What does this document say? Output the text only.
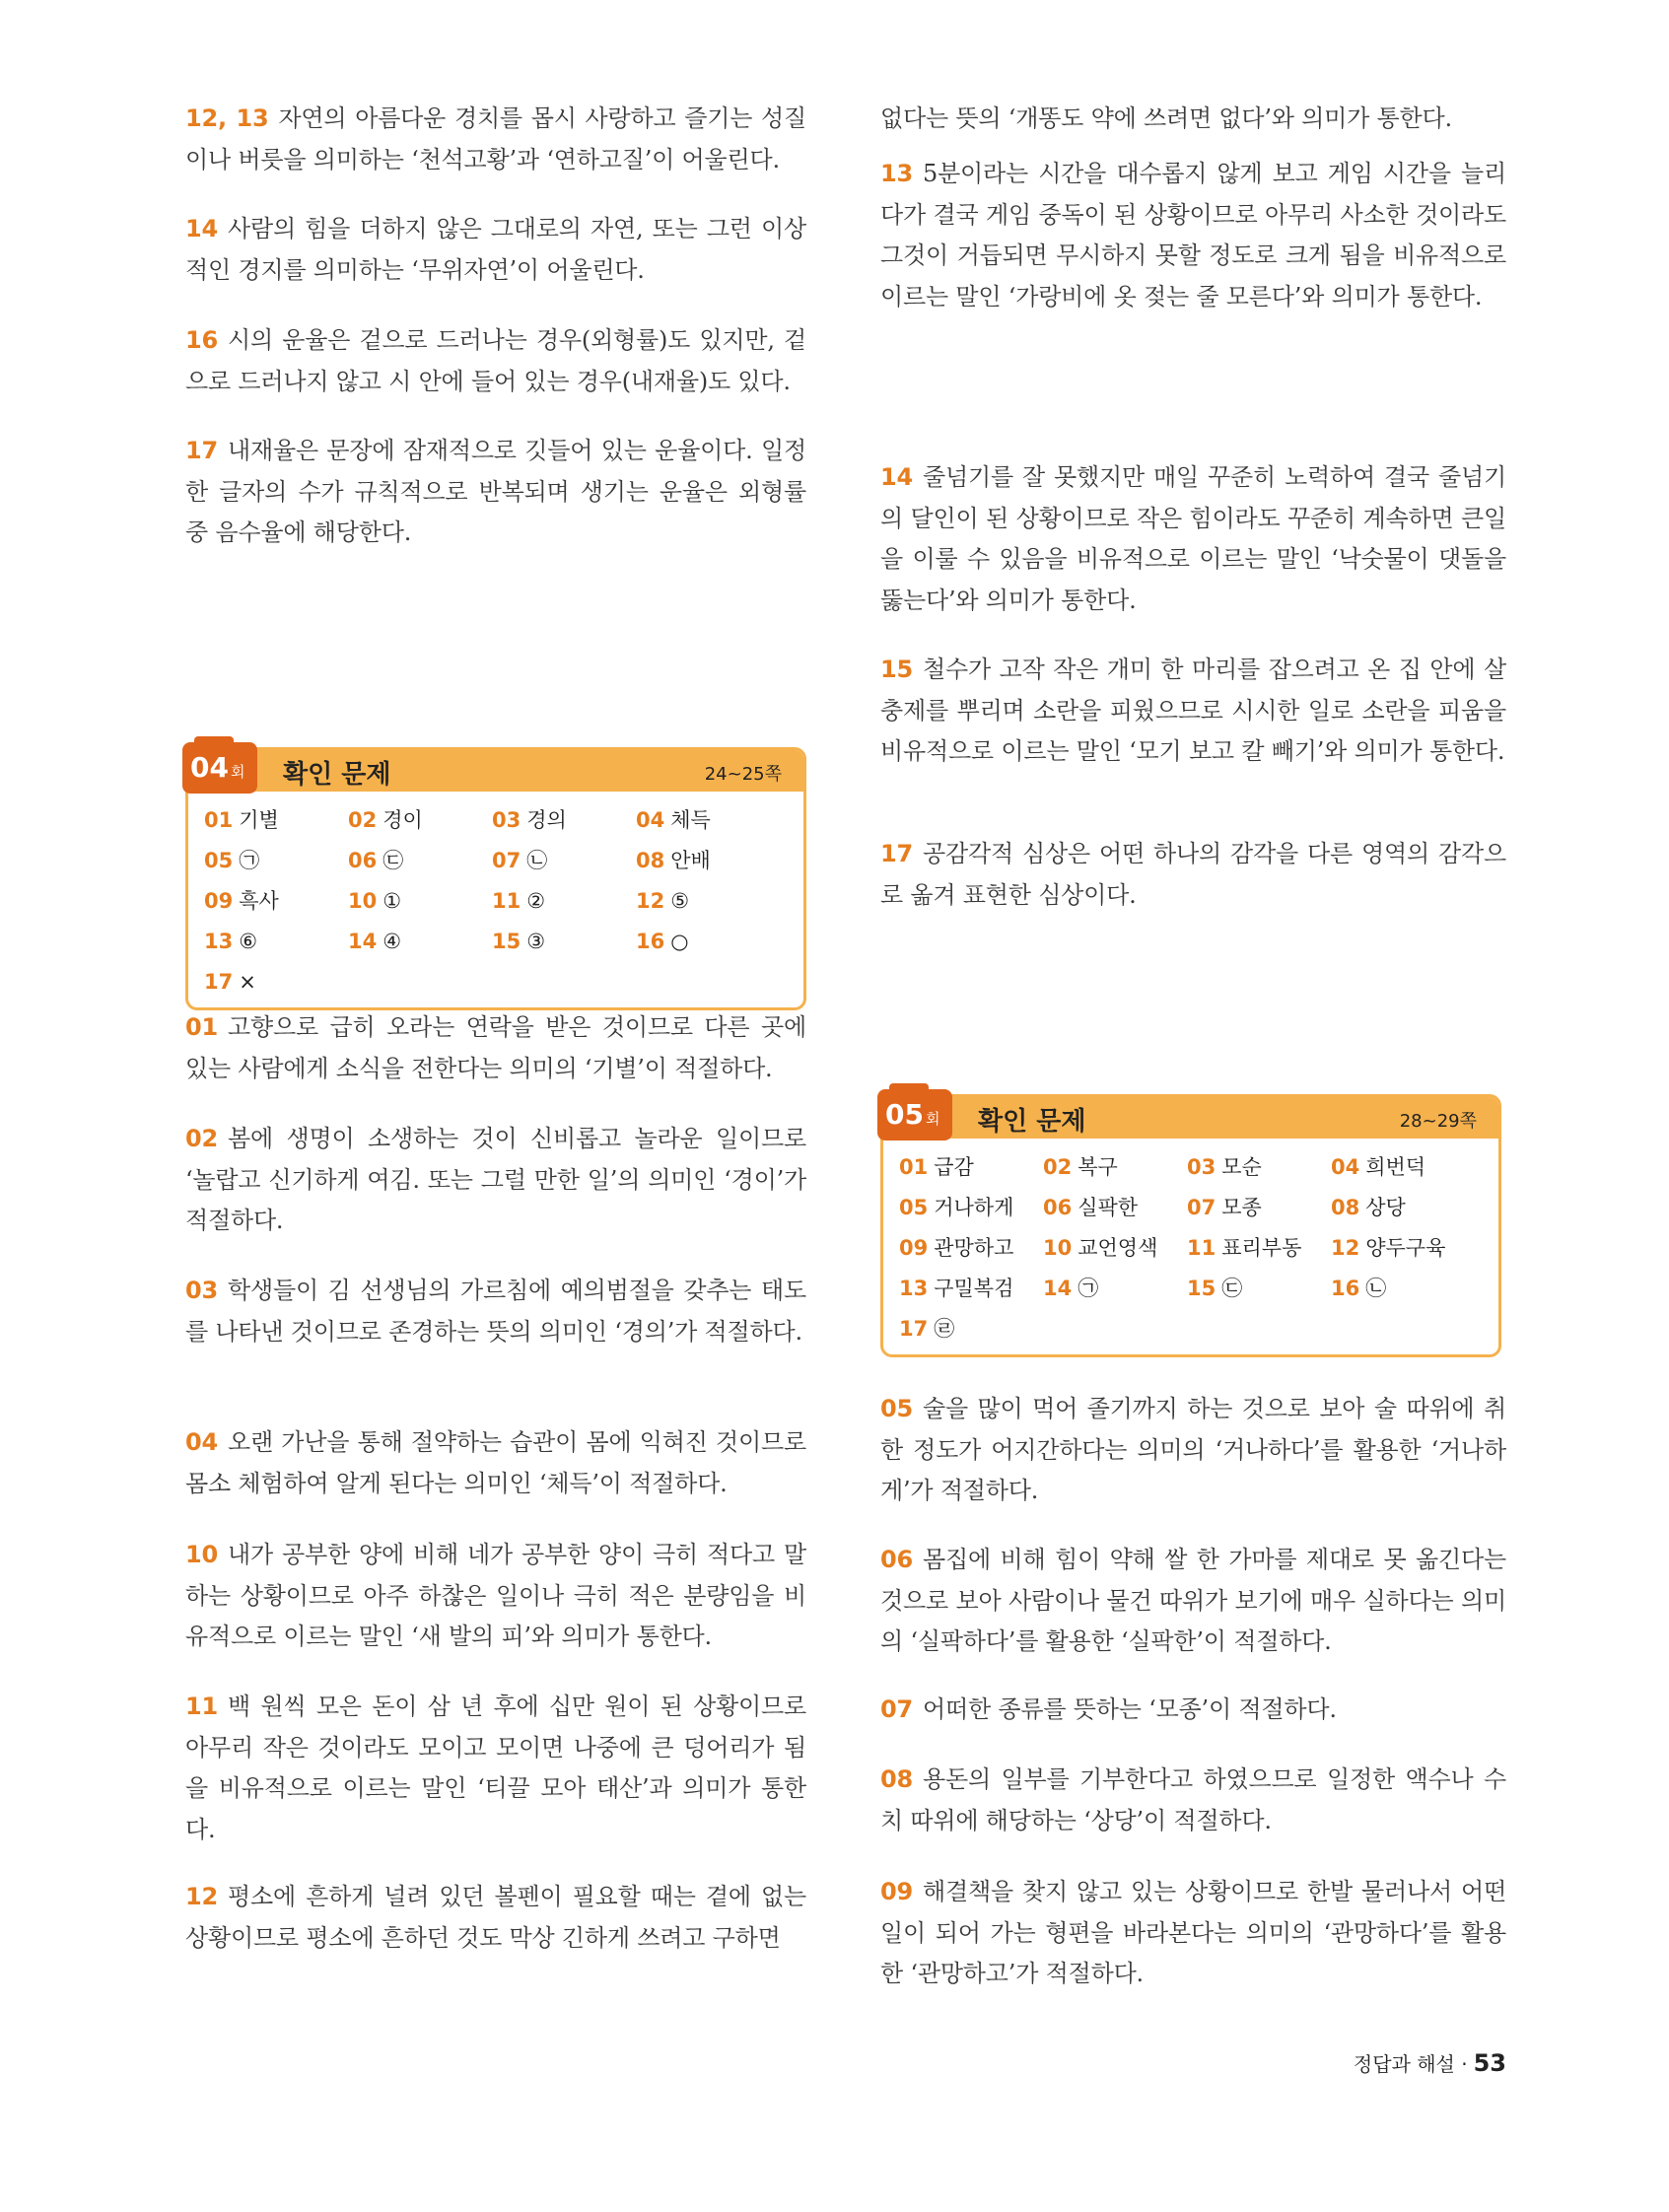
12, 13 자연의 아름다운 경치를 몹시 사랑하고 즐기는 성질이나 버릇을 의미하는 ‘천석고황’과 ‘연하고질’이 어울린다.
14 사람의 힘을 더하지 않은 그대로의 자연, 또는 그런 이상적인 경지를 의미하는 ‘무위자연’이 어울린다.
16 시의 운율은 겉으로 드러나는 경우(외형률)도 있지만, 겉으로 드러나지 않고 시 안에 들어 있는 경우(내재율)도 있다.
17 내재율은 문장에 잠재적으로 깃들어 있는 운율이다. 일정한 글자의 수가 규칙적으로 반복되며 생기는 운율은 외형률 중 음수율에 해당한다.
01 고향으로 급히 오라는 연락을 받은 것이므로 다른 곳에 있는 사람에게 소식을 전한다는 의미의 ‘기별’이 적절하다.
02 봄에 생명이 소생하는 것이 신비롭고 놀라운 일이므로 ‘놀랍고 신기하게 여김. 또는 그럴 만한 일’의 의미인 ‘경이’가 적절하다.
03 학생들이 김 선생님의 가르침에 예의범절을 갖추는 태도를 나타낸 것이므로 존경하는 뜻의 의미인 ‘경의’가 적절하다.
04 오랜 가난을 통해 절약하는 습관이 몸에 익혀진 것이므로 몸소 체험하여 알게 된다는 의미인 ‘체득’이 적절하다.
10 내가 공부한 양에 비해 네가 공부한 양이 극히 적다고 말하는 상황이므로 아주 하찮은 일이나 극히 적은 분량임을 비유적으로 이르는 말인 ‘새 발의 피’와 의미가 통한다.
11 백 원씩 모은 돈이 삼 년 후에 십만 원이 된 상황이므로 아무리 작은 것이라도 모이고 모이면 나중에 큰 덩어리가 됨을 비유적으로 이르는 말인 ‘티끌 모아 태산’과 의미가 통한다.
12 평소에 흔하게 널려 있던 볼펜이 필요할 때는 곁에 없는 상황이므로 평소에 흔하던 것도 막상 긴하게 쓰려고 구하면
04 회	확인 문제	24~25쪽
01 기별	02 경이	03 경의	04 체득
05 ㉠	06 ㉢	07 ㉡	08 안배
09 흑사	10 ①	11 ②	12 ⑤
13 ⑥	14 ④	15 ③	16 ○
17 ×
없다는 뜻의 ‘개똥도 약에 쓰려면 없다’와 의미가 통한다.
13 5분이라는 시간을 대수롭지 않게 보고 게임 시간을 늘리다가 결국 게임 중독이 된 상황이므로 아무리 사소한 것이라도 그것이 거듭되면 무시하지 못할 정도로 크게 됨을 비유적으로 이르는 말인 ‘가랑비에 옷 젖는 줄 모른다’와 의미가 통한다.
14 줄넘기를 잘 못했지만 매일 꾸준히 노력하여 결국 줄넘기의 달인이 된 상황이므로 작은 힘이라도 꾸준히 계속하면 큰일을 이룰 수 있음을 비유적으로 이르는 말인 ‘낙숫물이 댓돌을 뚫는다’와 의미가 통한다.
15 철수가 고작 작은 개미 한 마리를 잡으려고 온 집 안에 살충제를 뿌리며 소란을 피웠으므로 시시한 일로 소란을 피움을 비유적으로 이르는 말인 ‘모기 보고 칼 빼기’와 의미가 통한다.
17 공감각적 심상은 어떤 하나의 감각을 다른 영역의 감각으로 옮겨 표현한 심상이다.
05 술을 많이 먹어 졸기까지 하는 것으로 보아 술 따위에 취한 정도가 어지간하다는 의미의 ‘거나하다’를 활용한 ‘거나하게’가 적절하다.
06 몸집에 비해 힘이 약해 쌀 한 가마를 제대로 못 옮긴다는 것으로 보아 사람이나 물건 따위가 보기에 매우 실하다는 의미의 ‘실팍하다’를 활용한 ‘실팍한’이 적절하다.
07 어떠한 종류를 뜻하는 ‘모종’이 적절하다.
08 용돈의 일부를 기부한다고 하였으므로 일정한 액수나 수치 따위에 해당하는 ‘상당’이 적절하다.
09 해결책을 찾지 않고 있는 상황이므로 한발 물러나서 어떤 일이 되어 가는 형편을 바라본다는 의미의 ‘관망하다’를 활용한 ‘관망하고’가 적절하다.
05 회	확인 문제	28~29쪽
01 급감	02 복구	03 모순	04 희번덕
05 거나하게	06 실팍한	07 모종	08 상당
09 관망하고	10 교언영색	11 표리부동	12 양두구육
13 구밀복검	14 ㉠	15 ㉢	16 ㉡
17 ㉣
정답과 해설 · 53
